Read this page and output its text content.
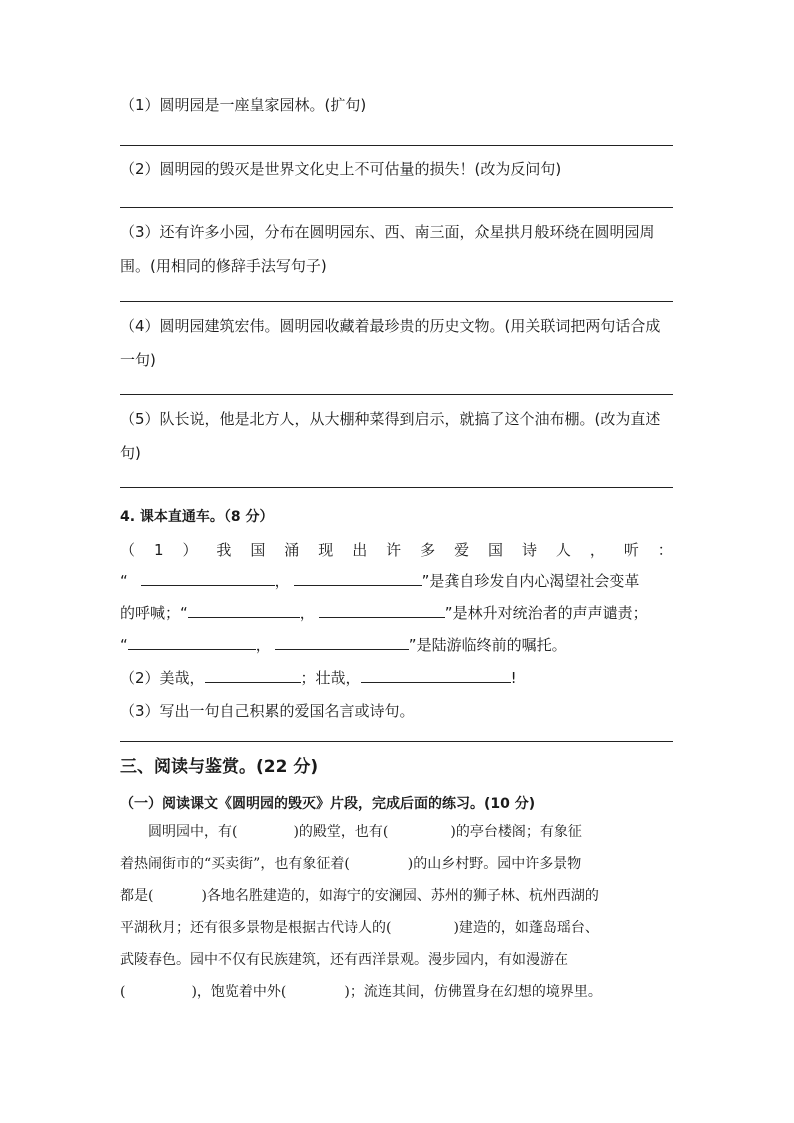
（1）圆明园是一座皇家园林。(扩句)
（2）圆明园的毁灭是世界文化史上不可估量的损失！(改为反问句)
（3）还有许多小园，分布在圆明园东、西、南三面，众星拱月般环绕在圆明园周围。(用相同的修辞手法写句子)
（4）圆明园建筑宏伟。圆明园收藏着最珍贵的历史文物。(用关联词把两句话合成一句)
（5）队长说，他是北方人，从大棚种菜得到启示，就搞了这个油布棚。(改为直述句)
4. 课本直通车。（8 分）
（ 1 ） 我 国 涌 现 出 许 多 爱 国 诗 人 ， 听 ：
“	，	”是龚自珍发自内心渴望社会变革
的呼喊；“	，	”是林升对统治者的声声谴责；
“	，	”是陆游临终前的嘱托。
（2）美哉，	；壮哉，	!
（3）写出一句自己积累的爱国名言或诗句。
三、阅读与鉴赏。(22 分)
（一）阅读课文《圆明园的毁灭》片段，完成后面的练习。(10 分)
圆明园中，有(	)的殿堂，也有(	)的亭台楼阁；有象征
着热闹街市的“买卖街”，也有象征着(	)的山乡村野。园中许多景物
都是(	)各地名胜建造的，如海宁的安澜园、苏州的狮子林、杭州西湖的
平湖秋月；还有很多景物是根据古代诗人的(	)建造的，如蓬岛瑶台、
武陵春色。园中不仅有民族建筑，还有西洋景观。漫步园内，有如漫游在
(	)，饱览着中外(	)；流连其间，仿佛置身在幻想的境界里。
